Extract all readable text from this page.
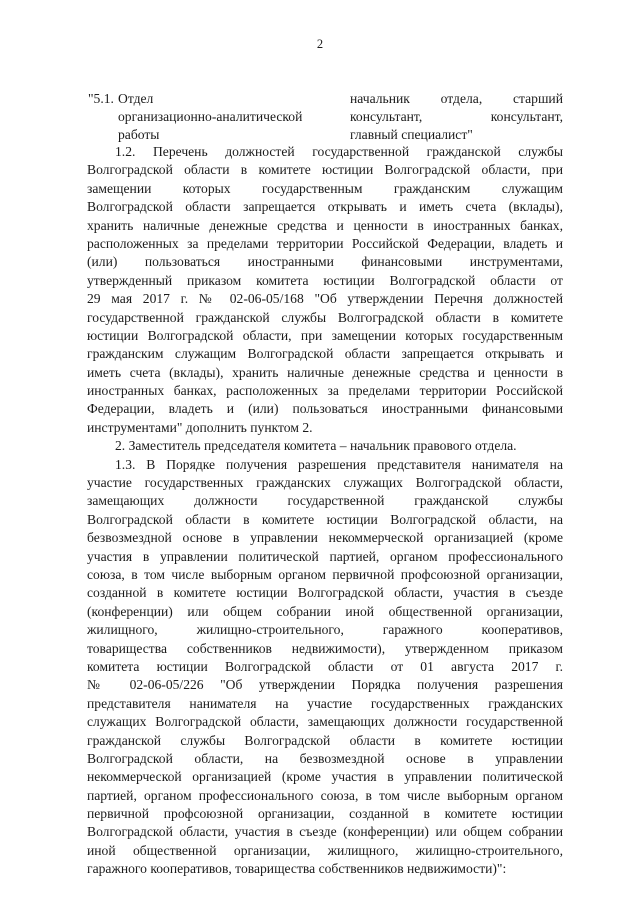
2
"5.1. Отдел
организационно-аналитической
работы
начальник отдела, старший
консультант, консультант,
главный специалист"
1.2. Перечень должностей государственной гражданской службы
Волгоградской области в комитете юстиции Волгоградской области, при
замещении которых государственным гражданским служащим
Волгоградской области запрещается открывать и иметь счета (вклады),
хранить наличные денежные средства и ценности в иностранных банках,
расположенных за пределами территории Российской Федерации, владеть и
(или) пользоваться иностранными финансовыми инструментами,
утвержденный приказом комитета юстиции Волгоградской области от
29 мая 2017 г. № 02-06-05/168 "Об утверждении Перечня должностей
государственной гражданской службы Волгоградской области в комитете
юстиции Волгоградской области, при замещении которых государственным
гражданским служащим Волгоградской области запрещается открывать и
иметь счета (вклады), хранить наличные денежные средства и ценности в
иностранных банках, расположенных за пределами территории Российской
Федерации, владеть и (или) пользоваться иностранными финансовыми
инструментами" дополнить пунктом 2.
2. Заместитель председателя комитета – начальник правового отдела.
1.3. В Порядке получения разрешения представителя нанимателя на
участие государственных гражданских служащих Волгоградской области,
замещающих должности государственной гражданской службы
Волгоградской области в комитете юстиции Волгоградской области, на
безвозмездной основе в управлении некоммерческой организацией (кроме
участия в управлении политической партией, органом профессионального
союза, в том числе выборным органом первичной профсоюзной организации,
созданной в комитете юстиции Волгоградской области, участия в съезде
(конференции) или общем собрании иной общественной организации,
жилищного, жилищно-строительного, гаражного кооперативов,
товарищества собственников недвижимости), утвержденном приказом
комитета юстиции Волгоградской области от 01 августа 2017 г.
№ 02-06-05/226 "Об утверждении Порядка получения разрешения
представителя нанимателя на участие государственных гражданских
служащих Волгоградской области, замещающих должности государственной
гражданской службы Волгоградской области в комитете юстиции
Волгоградской области, на безвозмездной основе в управлении
некоммерческой организацией (кроме участия в управлении политической
партией, органом профессионального союза, в том числе выборным органом
первичной профсоюзной организации, созданной в комитете юстиции
Волгоградской области, участия в съезде (конференции) или общем собрании
иной общественной организации, жилищного, жилищно-строительного,
гаражного кооперативов, товарищества собственников недвижимости)":
